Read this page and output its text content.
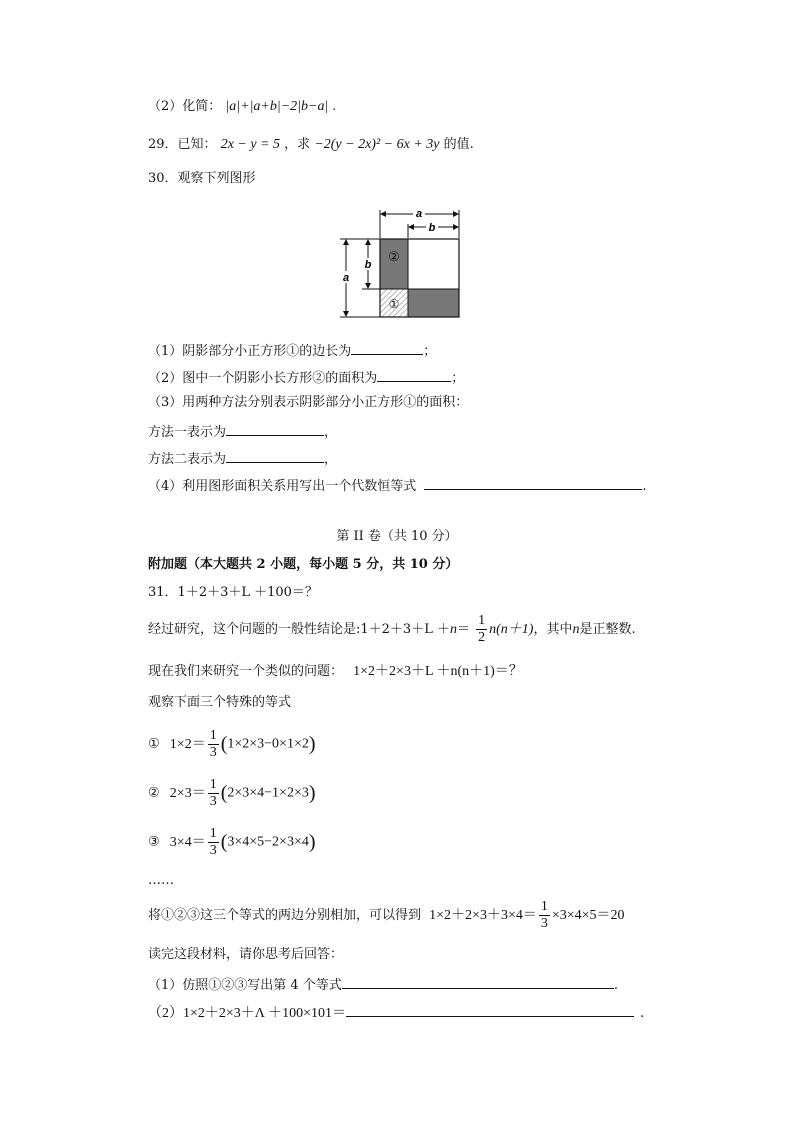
（2）化简： |a|+|a+b|−2|b−a| .
29．已知： 2x − y = 5 ，求 −2(y − 2x)² − 6x + 3y 的值.
30．观察下列图形
a
b
a
b
②
①
（1）阴影部分小正方形①的边长为	；
（2）图中一个阴影小长方形②的面积为	；
（3）用两种方法分别表示阴影部分小正方形①的面积：
方法一表示为	，
方法二表示为	，
（4）利用图形面积关系用写出一个代数恒等式	.
第 II 卷（共 10 分）
附加题（本大题共 2 小题，每小题 5 分，共 10 分）
31．1＋2＋3＋L ＋100＝？
经过研究，这个问题的一般性结论是:1＋2＋3＋L $+n= \frac{1}{2} n(n+1)$，其中n是正整数.
现在我们来研究一个类似的问题： 1×2＋2×3＋L ＋n(n＋1)＝？
观察下面三个特殊的等式
① $1\times 2= \frac{1}{3} (1\times 2\times 3-0\times 1\times 2)$
② $2\times 3= \frac{1}{3} (2\times 3\times 4-1\times 2\times 3)$
③ $3\times 4= \frac{1}{3} (3\times 4\times 5-2\times 3\times 4)$
……
将①②③这三个等式的两边分别相加，可以得到 $1\times 2+2\times 3+3\times 4= \frac{1}{3} \times 3\times 4\times 5=20$
读完这段材料，请你思考后回答：
（1）仿照①②③写出第 4 个等式	.
（2）1×2＋2×3＋Λ ＋100×101＝	.
